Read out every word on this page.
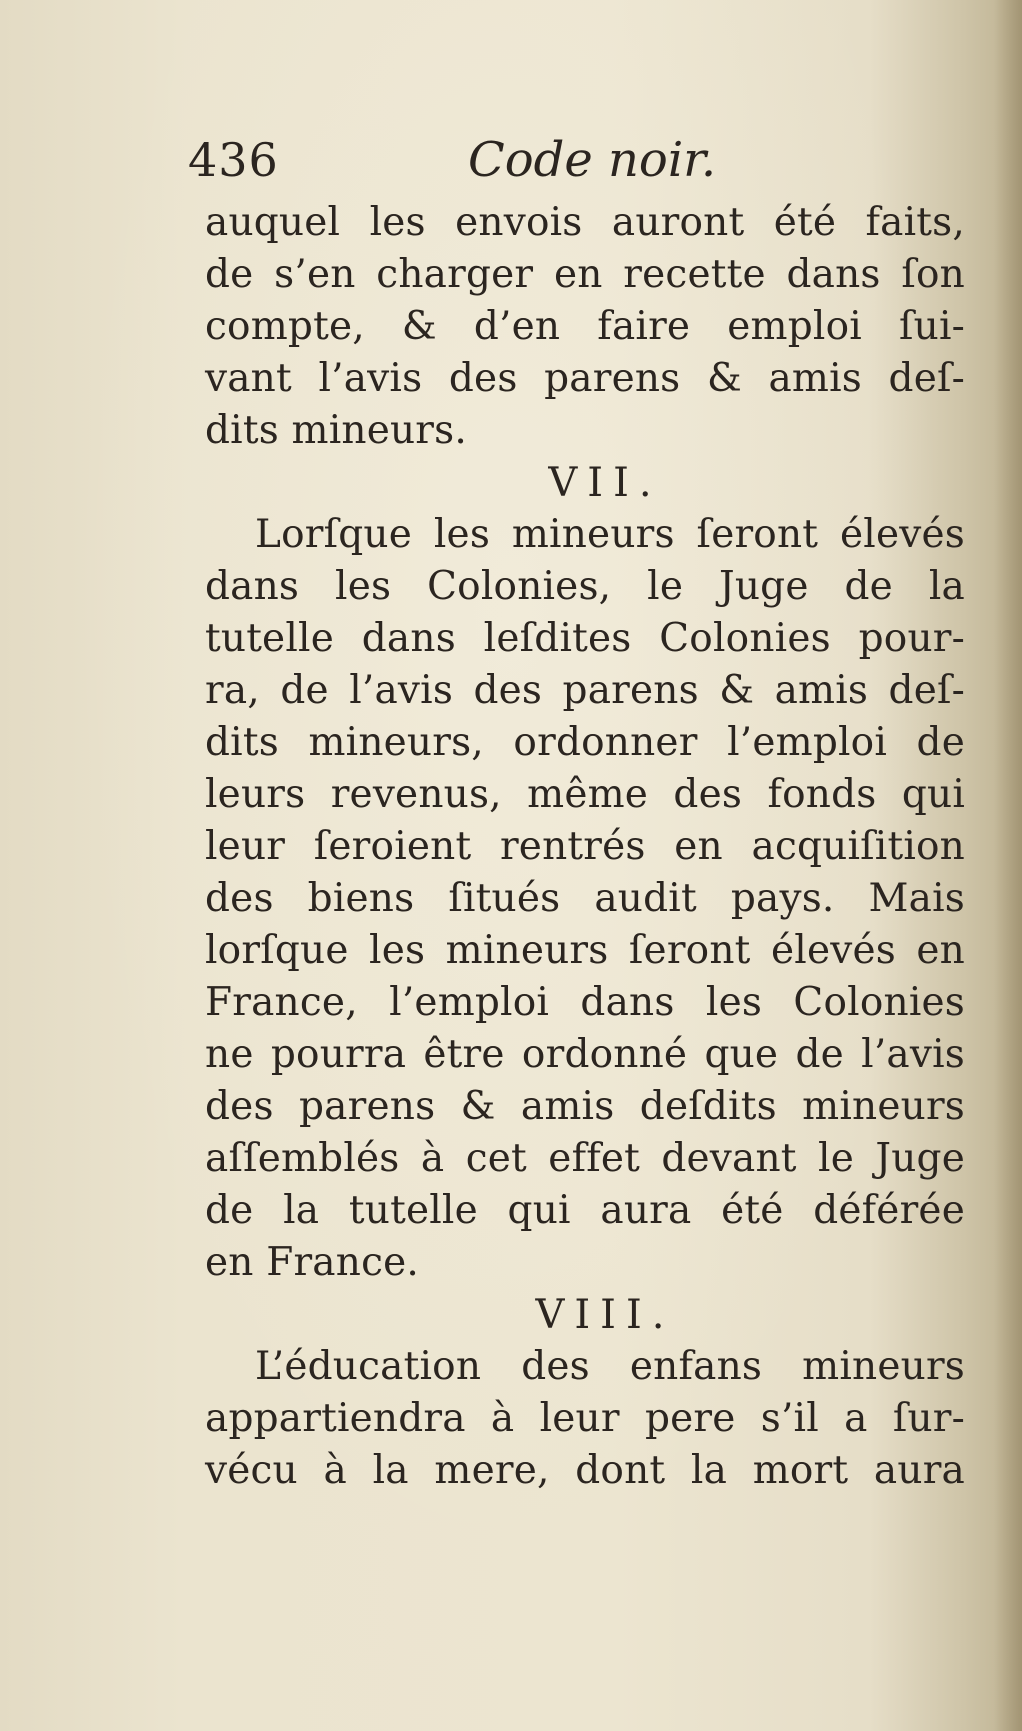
436	Code noir.
auquel les envois auront été faits,
de s’en charger en recette dans ſon
compte, & d’en faire emploi ſui-
vant l’avis des parens & amis deſ-
dits mineurs.
VII.
Lorſque les mineurs ſeront élevés
dans les Colonies, le Juge de la
tutelle dans leſdites Colonies pour-
ra, de l’avis des parens & amis deſ-
dits mineurs, ordonner l’emploi de
leurs revenus, même des fonds qui
leur ſeroient rentrés en acquiſition
des biens ſitués audit pays. Mais
lorſque les mineurs ſeront élevés en
France, l’emploi dans les Colonies
ne pourra être ordonné que de l’avis
des parens & amis deſdits mineurs
aſſemblés à cet effet devant le Juge
de la tutelle qui aura été déférée
en France.
VIII.
L’éducation des enfans mineurs
appartiendra à leur pere s’il a ſur-
vécu à la mere, dont la mort aura
